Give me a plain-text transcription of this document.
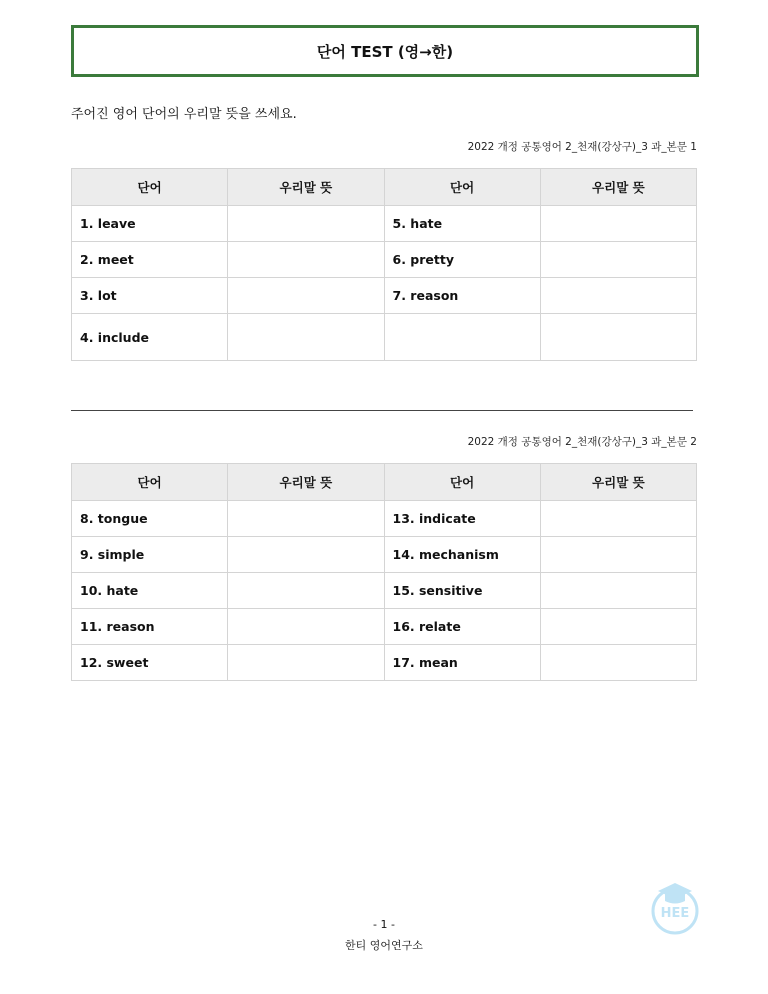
단어 TEST (영→한)
주어진 영어 단어의 우리말 뜻을 쓰세요.
2022 개정 공통영어 2_천재(강상구)_3 과_본문 1
단어	우리말 뜻	단어	우리말 뜻
1. leave		5. hate	
2. meet		6. pretty	
3. lot		7. reason	
4. include			
2022 개정 공통영어 2_천재(강상구)_3 과_본문 2
단어	우리말 뜻	단어	우리말 뜻
8. tongue		13. indicate	
9. simple		14. mechanism	
10. hate		15. sensitive	
11. reason		16. relate	
12. sweet		17. mean	
HEE
- 1 -
한티 영어연구소
